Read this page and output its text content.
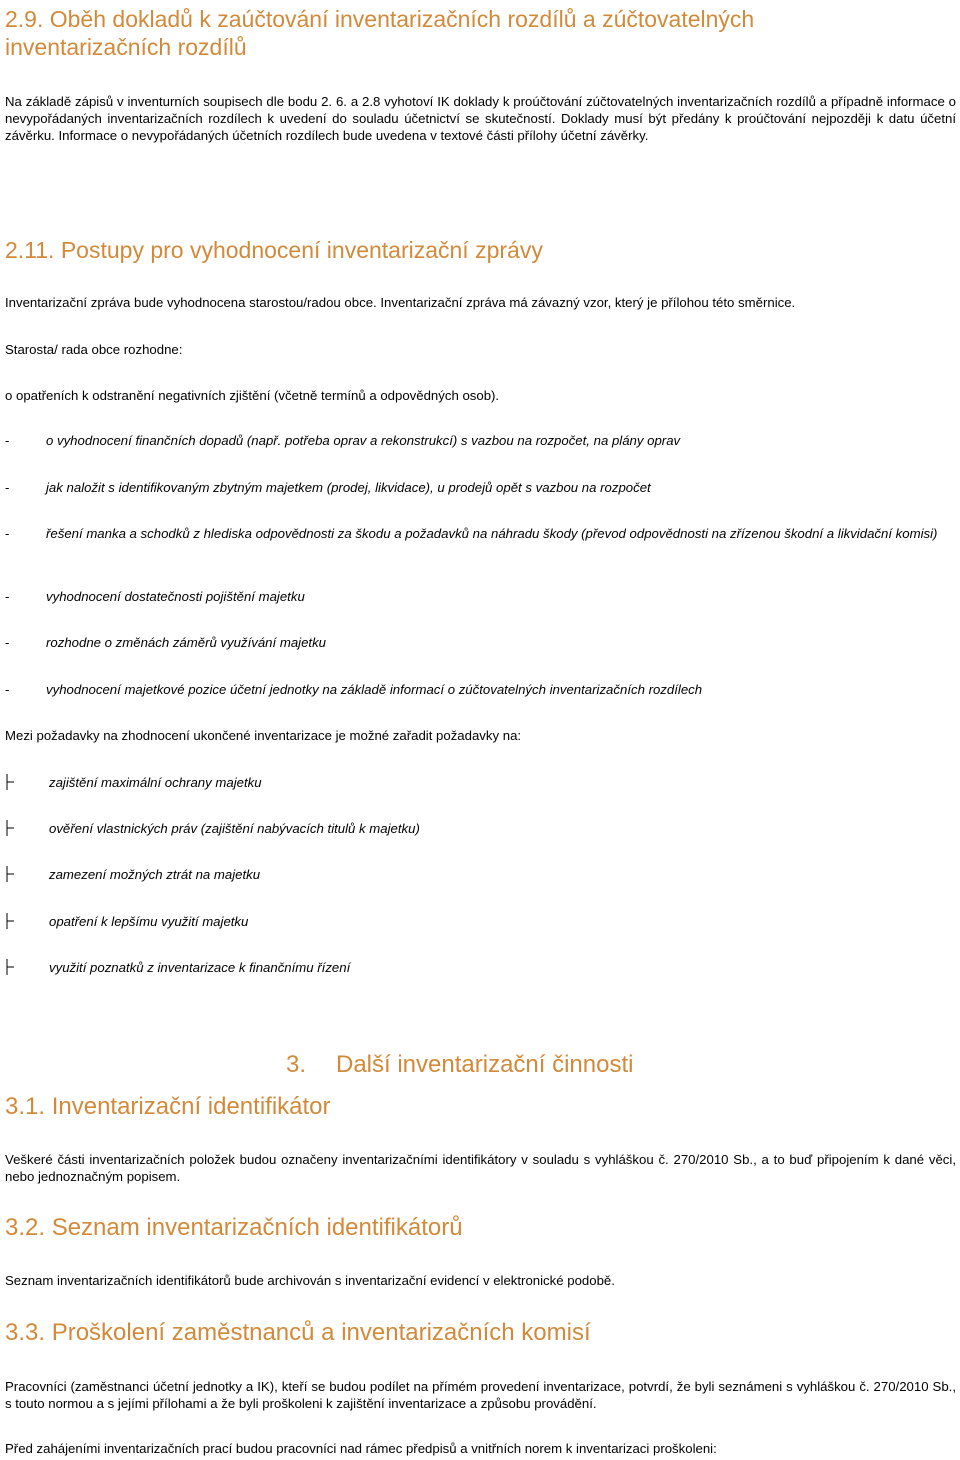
2.9. Oběh dokladů k zaúčtování inventarizačních rozdílů a zúčtovatelných
inventarizačních rozdílů

Na základě zápisů v inventurních soupisech dle bodu 2. 6. a 2.8 vyhotoví IK doklady k proúčtování zúčtovatelných inventarizačních rozdílů a případně informace o nevypořádaných inventarizačních rozdílech k uvedení do souladu účetnictví se skutečností. Doklady musí být předány k proúčtování nejpozději k datu účetní závěrku. Informace o nevypořádaných účetních rozdílech bude uvedena v textové části přílohy účetní závěrky.

2.11. Postupy pro vyhodnocení inventarizační zprávy

Inventarizační zpráva bude vyhodnocena starostou/radou obce. Inventarizační zpráva má závazný vzor, který je přílohou této směrnice.

Starosta/ rada obce rozhodne:

o opatřeních k odstranění negativních zjištění (včetně termínů a odpovědných osob).

-	o vyhodnocení finančních dopadů (např. potřeba oprav a rekonstrukcí) s vazbou na rozpočet, na plány oprav

-	jak naložit s identifikovaným zbytným majetkem (prodej, likvidace), u prodejů opět s vazbou na rozpočet

-	řešení manka a schodků z hlediska odpovědnosti za škodu a požadavků na náhradu škody (převod odpovědnosti na zřízenou škodní a likvidační komisi)

-	vyhodnocení dostatečnosti pojištění majetku

-	rozhodne o změnách záměrů využívání majetku

-	vyhodnocení majetkové pozice účetní jednotky na základě informací o zúčtovatelných inventarizačních rozdílech

Mezi požadavky na zhodnocení ukončené inventarizace je možné zařadit požadavky na:

zajištění maximální ochrany majetku

ověření vlastnických práv (zajištění nabývacích titulů k majetku)

zamezení možných ztrát na majetku

opatření k lepšímu využití majetku

využití poznatků z inventarizace k finančnímu řízení

3. Další inventarizační činnosti
3.1. Inventarizační identifikátor

Veškeré části inventarizačních položek budou označeny inventarizačními identifikátory v souladu s vyhláškou č. 270/2010 Sb., a to buď připojením k dané věci, nebo jednoznačným popisem.

3.2. Seznam inventarizačních identifikátorů

Seznam inventarizačních identifikátorů bude archivován s inventarizační evidencí v elektronické podobě.

3.3. Proškolení zaměstnanců a inventarizačních komisí

Pracovníci (zaměstnanci účetní jednotky a IK), kteří se budou podílet na přímém provedení inventarizace, potvrdí, že byli seznámeni s vyhláškou č. 270/2010 Sb., s touto normou a s jejími přílohami a že byli proškoleni k zajištění inventarizace a způsobu provádění.

Před zahájeními inventarizačních prací budou pracovníci nad rámec předpisů a vnitřních norem k inventarizaci proškoleni:
